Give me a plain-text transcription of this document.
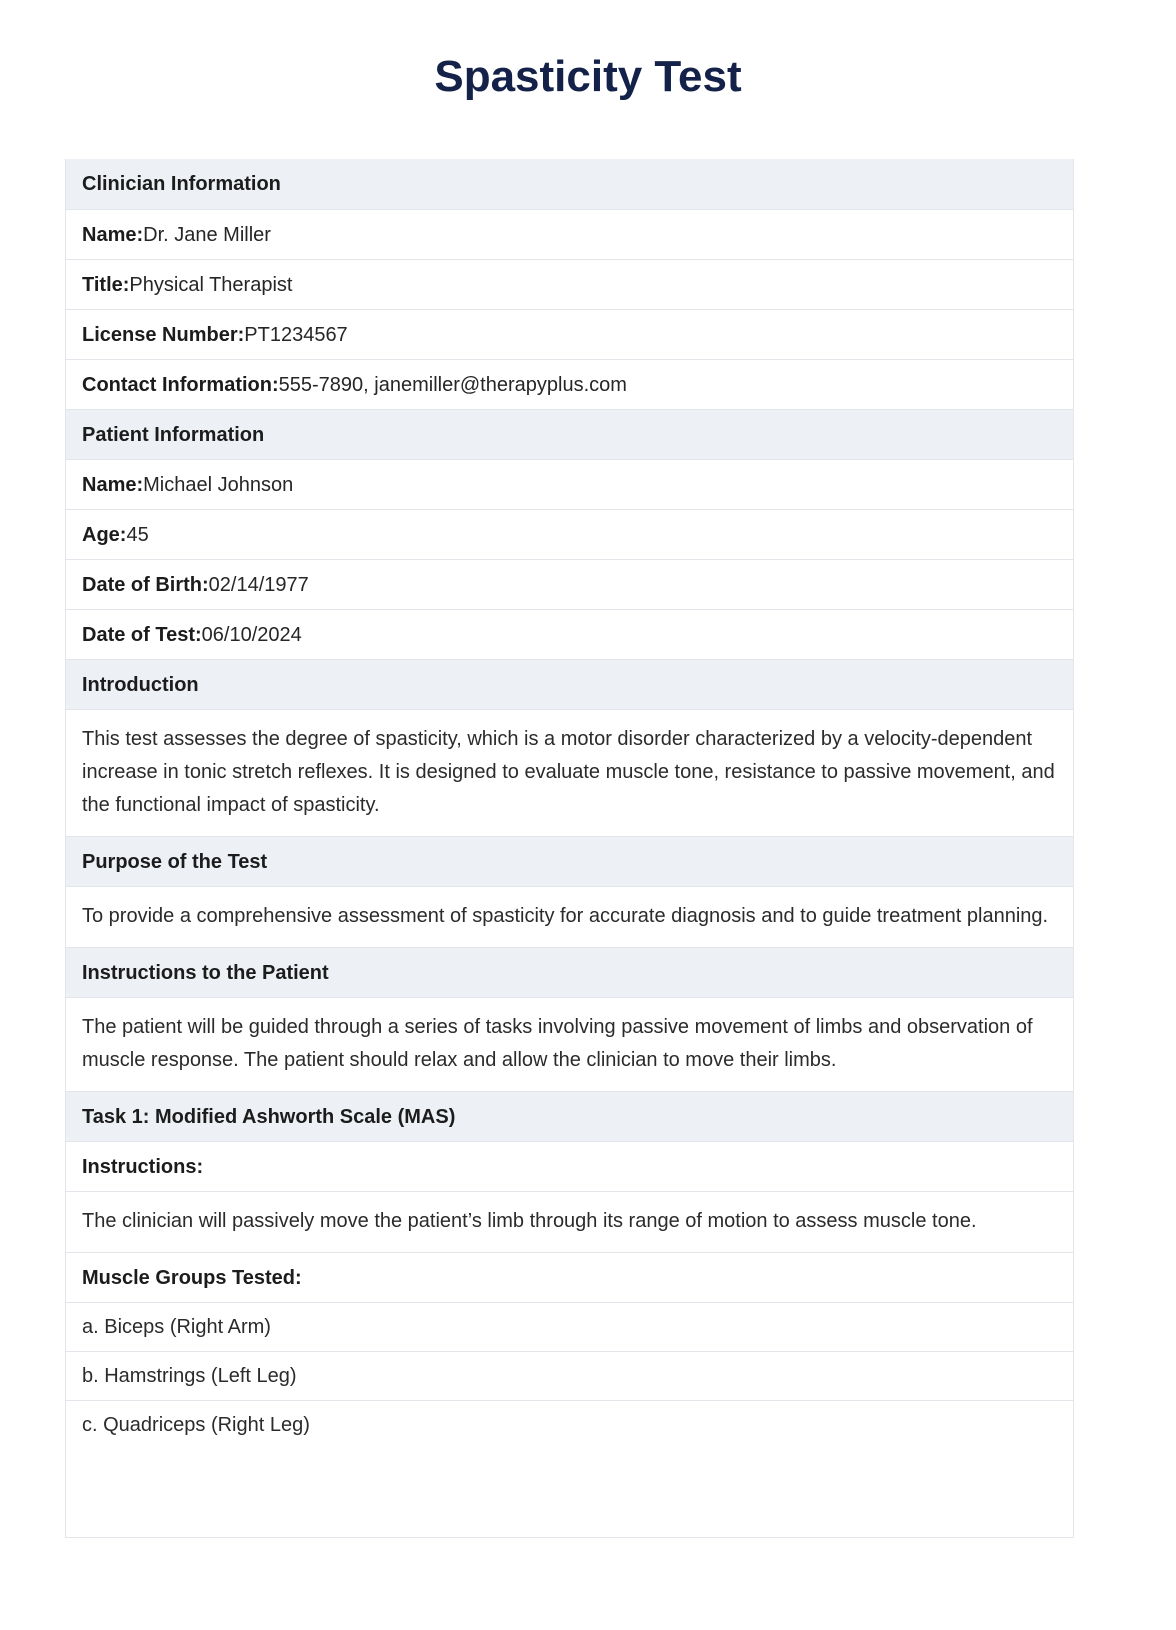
Spasticity Test
Clinician Information
Name: Dr. Jane Miller
Title: Physical Therapist
License Number: PT1234567
Contact Information: 555-7890, janemiller@therapyplus.com
Patient Information
Name: Michael Johnson
Age: 45
Date of Birth: 02/14/1977
Date of Test: 06/10/2024
Introduction
This test assesses the degree of spasticity, which is a motor disorder characterized by a velocity-dependent increase in tonic stretch reflexes. It is designed to evaluate muscle tone, resistance to passive movement, and the functional impact of spasticity.
Purpose of the Test
To provide a comprehensive assessment of spasticity for accurate diagnosis and to guide treatment planning.
Instructions to the Patient
The patient will be guided through a series of tasks involving passive movement of limbs and observation of muscle response. The patient should relax and allow the clinician to move their limbs.
Task 1: Modified Ashworth Scale (MAS)
Instructions:
The clinician will passively move the patient’s limb through its range of motion to assess muscle tone.
Muscle Groups Tested:
a. Biceps (Right Arm)
b. Hamstrings (Left Leg)
c. Quadriceps (Right Leg)
